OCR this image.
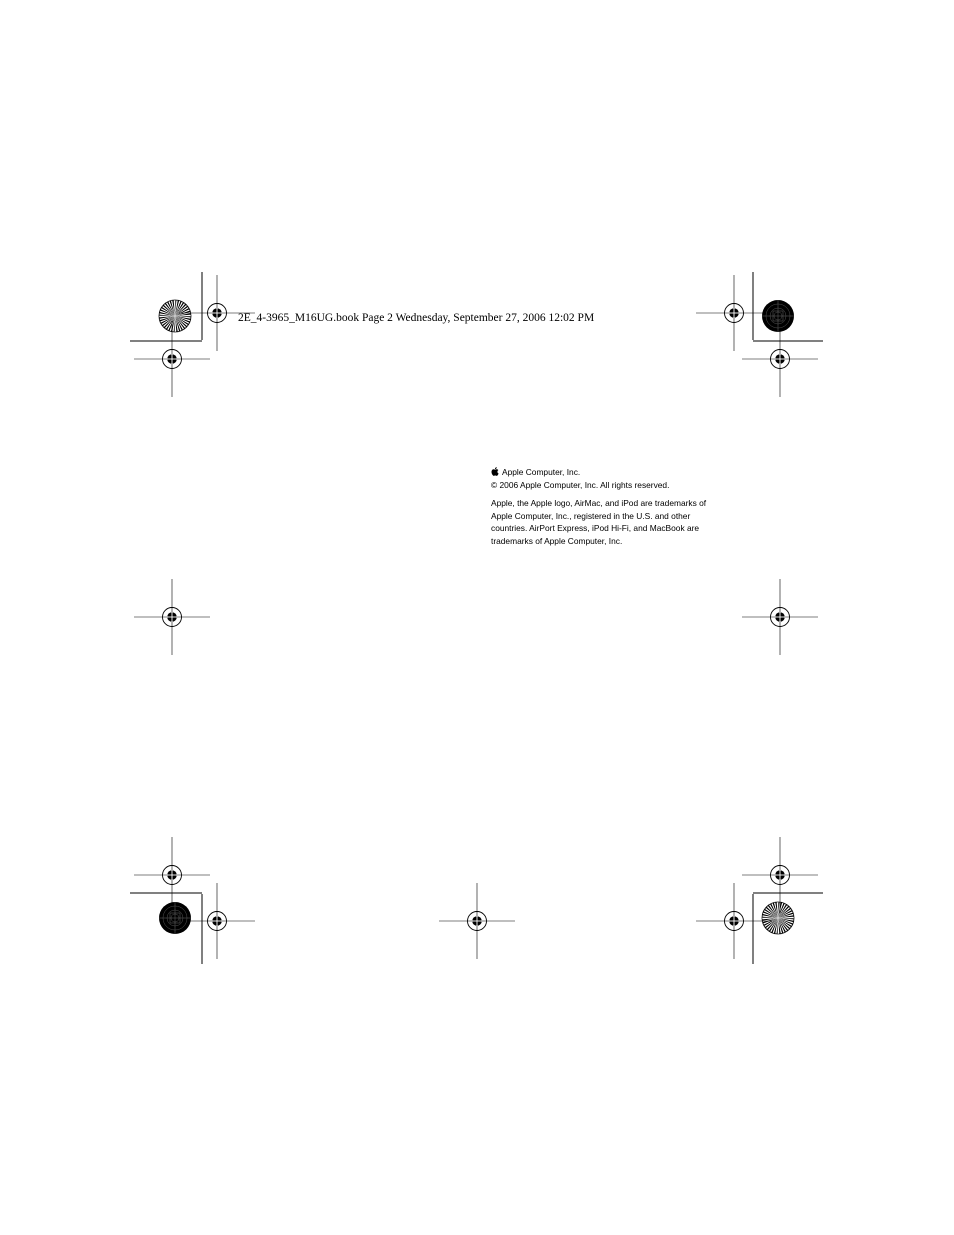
2E_4-3965_M16UG.book Page 2 Wednesday, September 27, 2006 12:02 PM
Apple Computer, Inc.
© 2006 Apple Computer, Inc. All rights reserved.
Apple, the Apple logo, AirMac, and iPod are trademarks of Apple Computer, Inc., registered in the U.S. and other countries. AirPort Express, iPod Hi-Fi, and MacBook are trademarks of Apple Computer, Inc.
